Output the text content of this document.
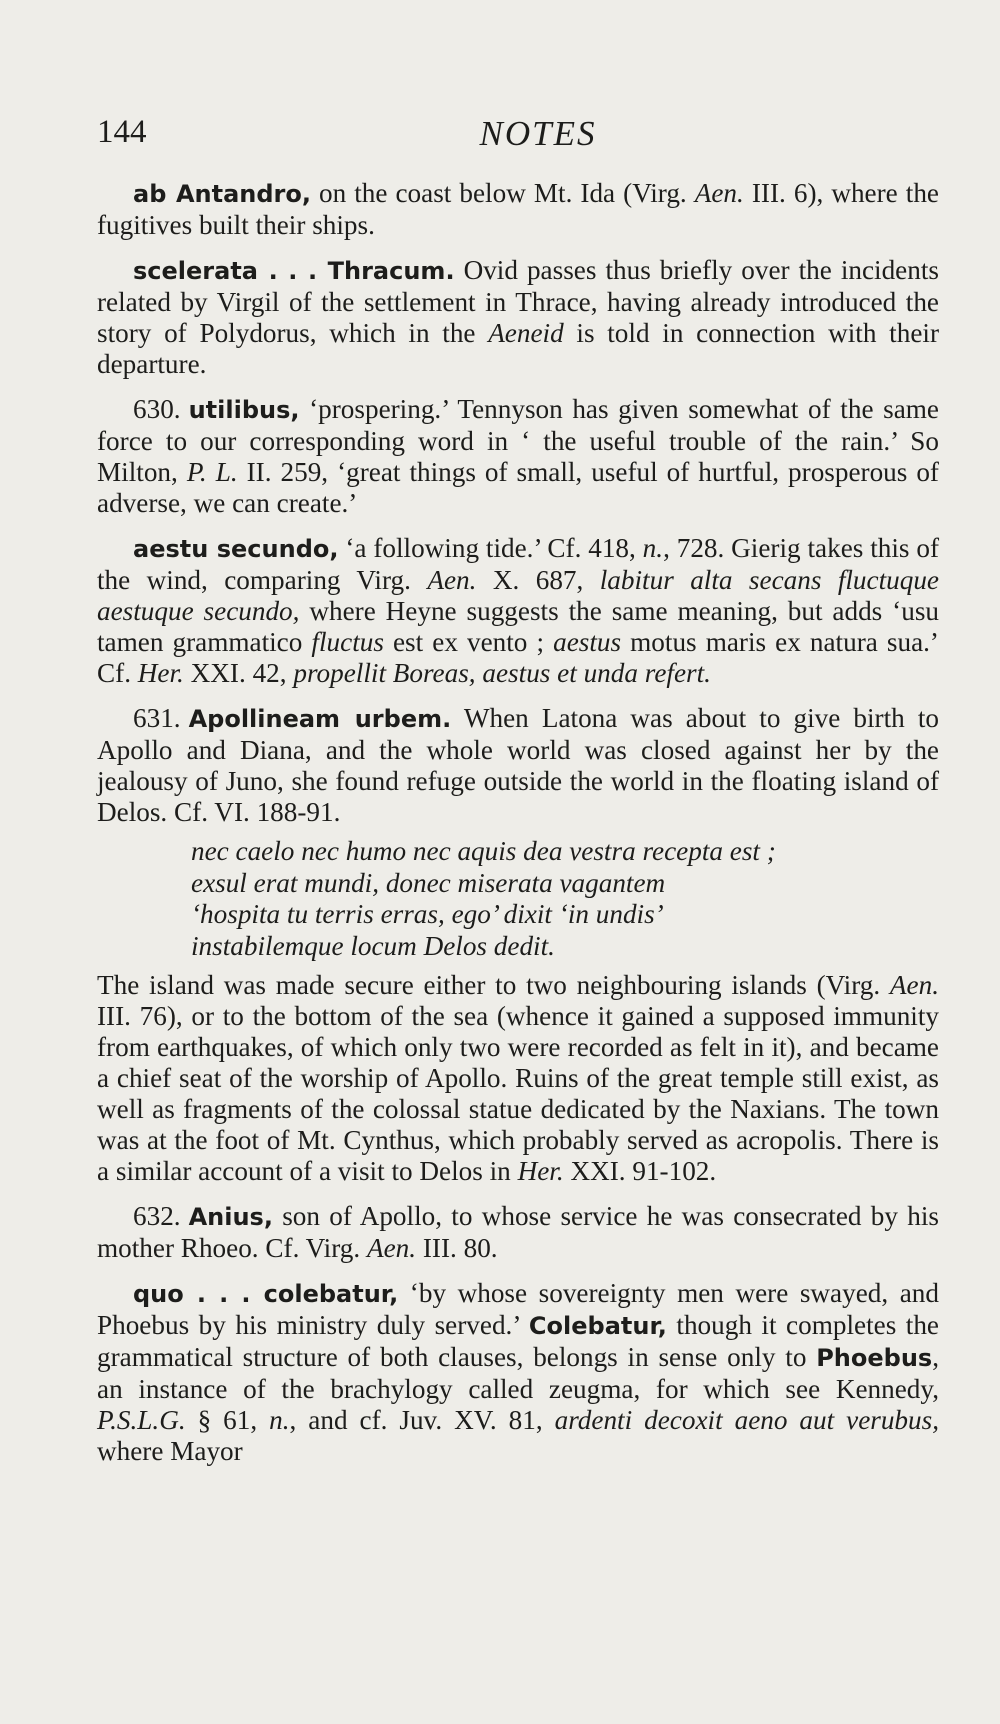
144	NOTES

ab Antandro, on the coast below Mt. Ida (Virg. Aen. III. 6), where the fugitives built their ships.

scelerata . . . Thracum. Ovid passes thus briefly over the incidents related by Virgil of the settlement in Thrace, having already introduced the story of Polydorus, which in the Aeneid is told in connection with their departure.

630. utilibus, ‘prospering.’ Tennyson has given somewhat of the same force to our corresponding word in ‘ the useful trouble of the rain.’ So Milton, P. L. II. 259, ‘great things of small, useful of hurtful, prosperous of adverse, we can create.’

aestu secundo, ‘a following tide.’ Cf. 418, n., 728. Gierig takes this of the wind, comparing Virg. Aen. X. 687, labitur alta secans fluctuque aestuque secundo, where Heyne suggests the same meaning, but adds ‘usu tamen grammatico fluctus est ex vento ; aestus motus maris ex natura sua.’ Cf. Her. XXI. 42, propellit Boreas, aestus et unda refert.

631. Apollineam urbem. When Latona was about to give birth to Apollo and Diana, and the whole world was closed against her by the jealousy of Juno, she found refuge outside the world in the floating island of Delos. Cf. VI. 188-91.

nec caelo nec humo nec aquis dea vestra recepta est ;
exsul erat mundi, donec miserata vagantem
‘hospita tu terris erras, ego’ dixit ‘in undis’
instabilemque locum Delos dedit.

The island was made secure either to two neighbouring islands (Virg. Aen. III. 76), or to the bottom of the sea (whence it gained a supposed immunity from earthquakes, of which only two were recorded as felt in it), and became a chief seat of the worship of Apollo. Ruins of the great temple still exist, as well as fragments of the colossal statue dedicated by the Naxians. The town was at the foot of Mt. Cynthus, which probably served as acropolis. There is a similar account of a visit to Delos in Her. XXI. 91-102.

632. Anius, son of Apollo, to whose service he was consecrated by his mother Rhoeo. Cf. Virg. Aen. III. 80.

quo . . . colebatur, ‘by whose sovereignty men were swayed, and Phoebus by his ministry duly served.’ Colebatur, though it completes the grammatical structure of both clauses, belongs in sense only to Phoebus, an instance of the brachylogy called zeugma, for which see Kennedy, P.S.L.G. § 61, n., and cf. Juv. XV. 81, ardenti decoxit aeno aut verubus, where Mayor
